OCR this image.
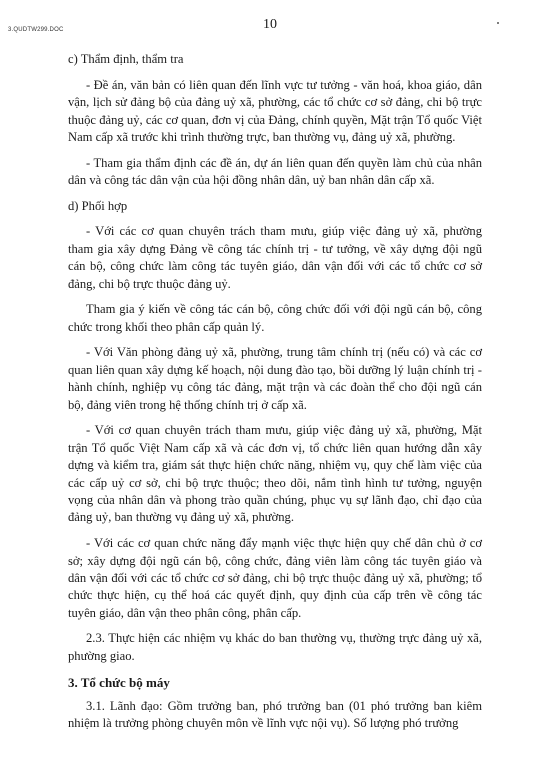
3.QUDTW299.DOC	10

c) Thẩm định, thẩm tra

- Đề án, văn bản có liên quan đến lĩnh vực tư tưởng - văn hoá, khoa giáo, dân vận, lịch sử đảng bộ của đảng uỷ xã, phường, các tổ chức cơ sở đảng, chi bộ trực thuộc đảng uỷ, các cơ quan, đơn vị của Đảng, chính quyền, Mặt trận Tổ quốc Việt Nam cấp xã trước khi trình thường trực, ban thường vụ, đảng uỷ xã, phường.

- Tham gia thẩm định các đề án, dự án liên quan đến quyền làm chủ của nhân dân và công tác dân vận của hội đồng nhân dân, uỷ ban nhân dân cấp xã.

d) Phối hợp

- Với các cơ quan chuyên trách tham mưu, giúp việc đảng uỷ xã, phường tham gia xây dựng Đảng về công tác chính trị - tư tưởng, về xây dựng đội ngũ cán bộ, công chức làm công tác tuyên giáo, dân vận đối với các tổ chức cơ sở đảng, chi bộ trực thuộc đảng uỷ.

Tham gia ý kiến về công tác cán bộ, công chức đối với đội ngũ cán bộ, công chức trong khối theo phân cấp quản lý.

- Với Văn phòng đảng uỷ xã, phường, trung tâm chính trị (nếu có) và các cơ quan liên quan xây dựng kế hoạch, nội dung đào tạo, bồi dưỡng lý luận chính trị - hành chính, nghiệp vụ công tác đảng, mặt trận và các đoàn thể cho đội ngũ cán bộ, đảng viên trong hệ thống chính trị ở cấp xã.

- Với cơ quan chuyên trách tham mưu, giúp việc đảng uỷ xã, phường, Mặt trận Tổ quốc Việt Nam cấp xã và các đơn vị, tổ chức liên quan hướng dẫn xây dựng và kiểm tra, giám sát thực hiện chức năng, nhiệm vụ, quy chế làm việc của các cấp uỷ cơ sở, chi bộ trực thuộc; theo dõi, nắm tình hình tư tưởng, nguyện vọng của nhân dân và phong trào quần chúng, phục vụ sự lãnh đạo, chỉ đạo của đảng uỷ, ban thường vụ đảng uỷ xã, phường.

- Với các cơ quan chức năng đẩy mạnh việc thực hiện quy chế dân chủ ở cơ sở; xây dựng đội ngũ cán bộ, công chức, đảng viên làm công tác tuyên giáo và dân vận đối với các tổ chức cơ sở đảng, chi bộ trực thuộc đảng uỷ xã, phường; tổ chức thực hiện, cụ thể hoá các quyết định, quy định của cấp trên về công tác tuyên giáo, dân vận theo phân công, phân cấp.

2.3. Thực hiện các nhiệm vụ khác do ban thường vụ, thường trực đảng uỷ xã, phường giao.

3. Tổ chức bộ máy

3.1. Lãnh đạo: Gồm trưởng ban, phó trưởng ban (01 phó trưởng ban kiêm nhiệm là trưởng phòng chuyên môn về lĩnh vực nội vụ). Số lượng phó trưởng
